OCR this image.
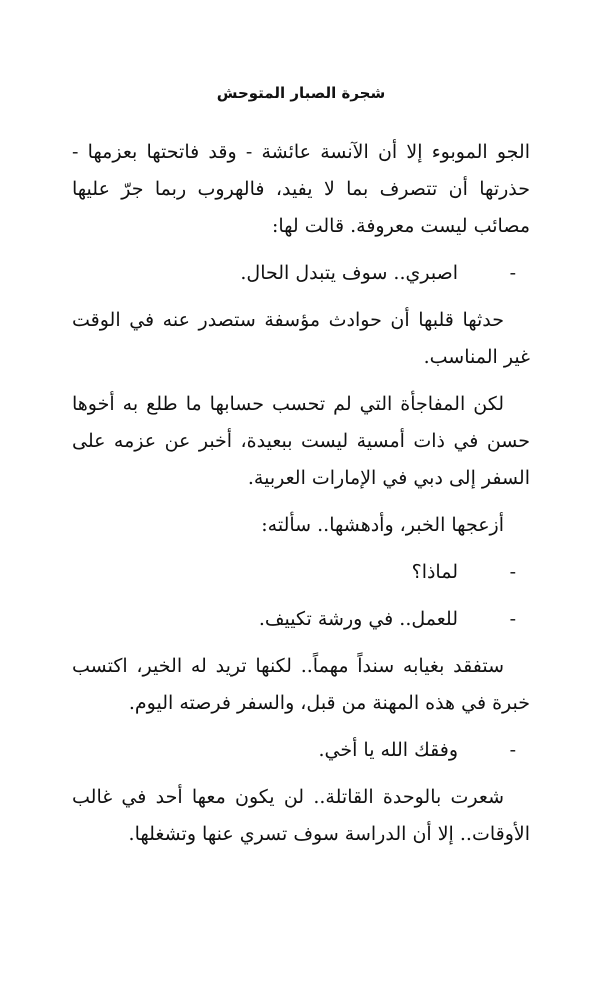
شجرة الصبار المتوحش

الجو الموبوء إلا أن الآنسة عائشة - وقد فاتحتها بعزمها - حذرتها أن تتصرف بما لا يفيد، فالهروب ربما جرّ عليها مصائب ليست معروفة. قالت لها:

-
اصبري.. سوف يتبدل الحال.

حدثها قلبها أن حوادث مؤسفة ستصدر عنه في الوقت غير المناسب.

لكن المفاجأة التي لم تحسب حسابها ما طلع به أخوها حسن في ذات أمسية ليست ببعيدة، أخبر عن عزمه على السفر إلى دبي في الإمارات العربية.

أزعجها الخبر، وأدهشها.. سألته:

-
لماذا؟
-
للعمل.. في ورشة تكييف.

ستفقد بغيابه سنداً مهماً.. لكنها تريد له الخير، اكتسب خبرة في هذه المهنة من قبل، والسفر فرصته اليوم.

-
وفقك الله يا أخي.

شعرت بالوحدة القاتلة.. لن يكون معها أحد في غالب الأوقات.. إلا أن الدراسة سوف تسري عنها وتشغلها.
